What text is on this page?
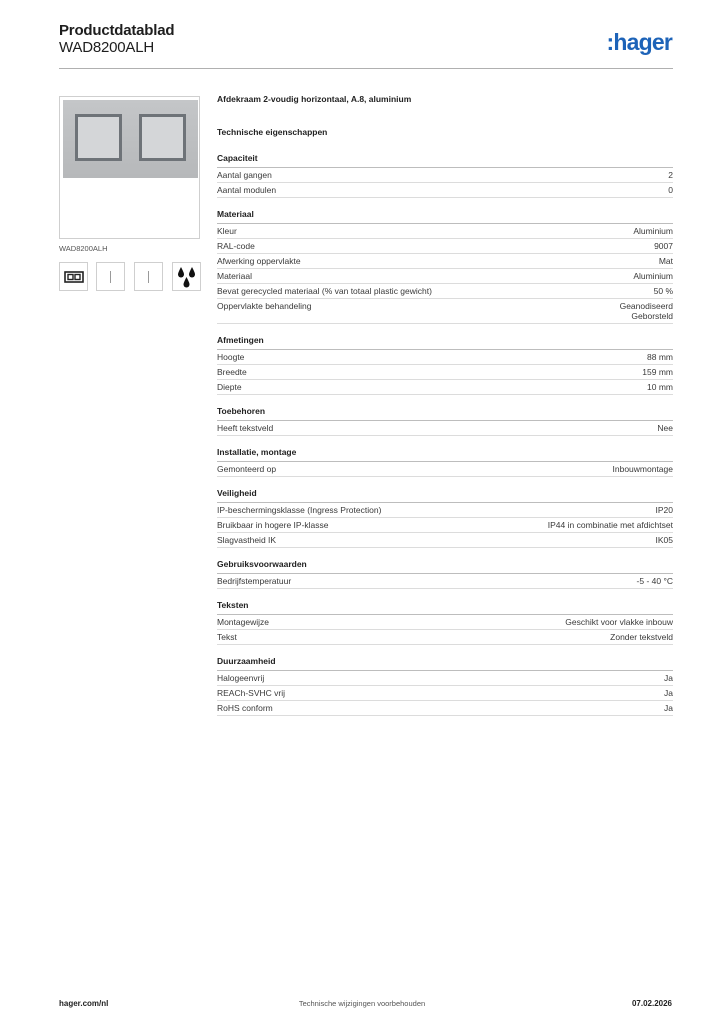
Productdatablad
WAD8200ALH	:hager
WAD8200ALH
Afdekraam 2-voudig horizontaal, A.8, aluminium
Technische eigenschappen
Capaciteit
Aantal gangen	2
Aantal modulen	0
Materiaal
Kleur	Aluminium
RAL-code	9007
Afwerking oppervlakte	Mat
Materiaal	Aluminium
Bevat gerecycled materiaal (% van totaal plastic gewicht)	50 %
Oppervlakte behandeling	Geanodiseerd
Geborsteld
Afmetingen
Hoogte	88 mm
Breedte	159 mm
Diepte	10 mm
Toebehoren
Heeft tekstveld	Nee
Installatie, montage
Gemonteerd op	Inbouwmontage
Veiligheid
IP-beschermingsklasse (Ingress Protection)	IP20
Bruikbaar in hogere IP-klasse	IP44 in combinatie met afdichtset
Slagvastheid IK	IK05
Gebruiksvoorwaarden
Bedrijfstemperatuur	-5 - 40 °C
Teksten
Montagewijze	Geschikt voor vlakke inbouw
Tekst	Zonder tekstveld
Duurzaamheid
Halogeenvrij	Ja
REACh-SVHC vrij	Ja
RoHS conform	Ja
hager.com/nl	Technische wijzigingen voorbehouden	07.02.2026
